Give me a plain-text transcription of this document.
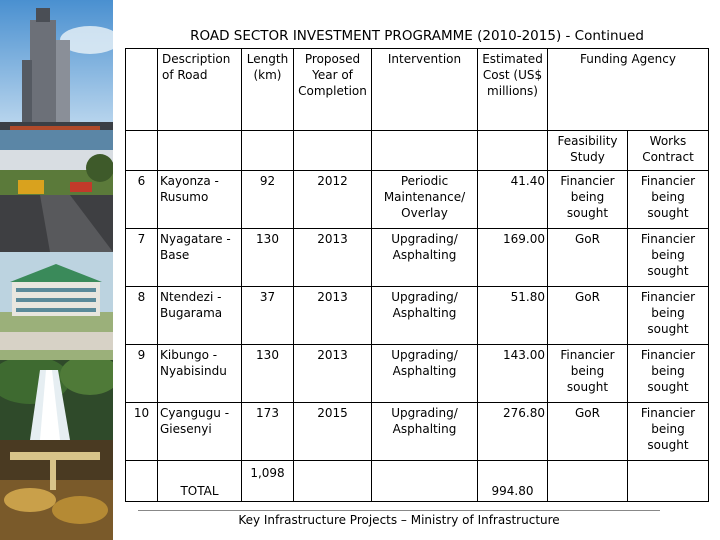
ROAD SECTOR INVESTMENT PROGRAMME (2010-2015) - Continued
	Description of Road	Length (km)	Proposed Year of Completion	Intervention	Estimated Cost (US$ millions)	Funding Agency	
						Feasibility Study	Works Contract
6	Kayonza - Rusumo	92	2012	Periodic Maintenance/ Overlay	41.40	Financier being sought	Financier being sought
7	Nyagatare - Base	130	2013	Upgrading/ Asphalting	169.00	GoR	Financier being sought
8	Ntendezi - Bugarama	37	2013	Upgrading/ Asphalting	51.80	GoR	Financier being sought
9	Kibungo - Nyabisindu	130	2013	Upgrading/ Asphalting	143.00	Financier being sought	Financier being sought
10	Cyangugu - Giesenyi	173	2015	Upgrading/ Asphalting	276.80	GoR	Financier being sought
	TOTAL	1,098			994.80		
Key Infrastructure Projects – Ministry of Infrastructure
